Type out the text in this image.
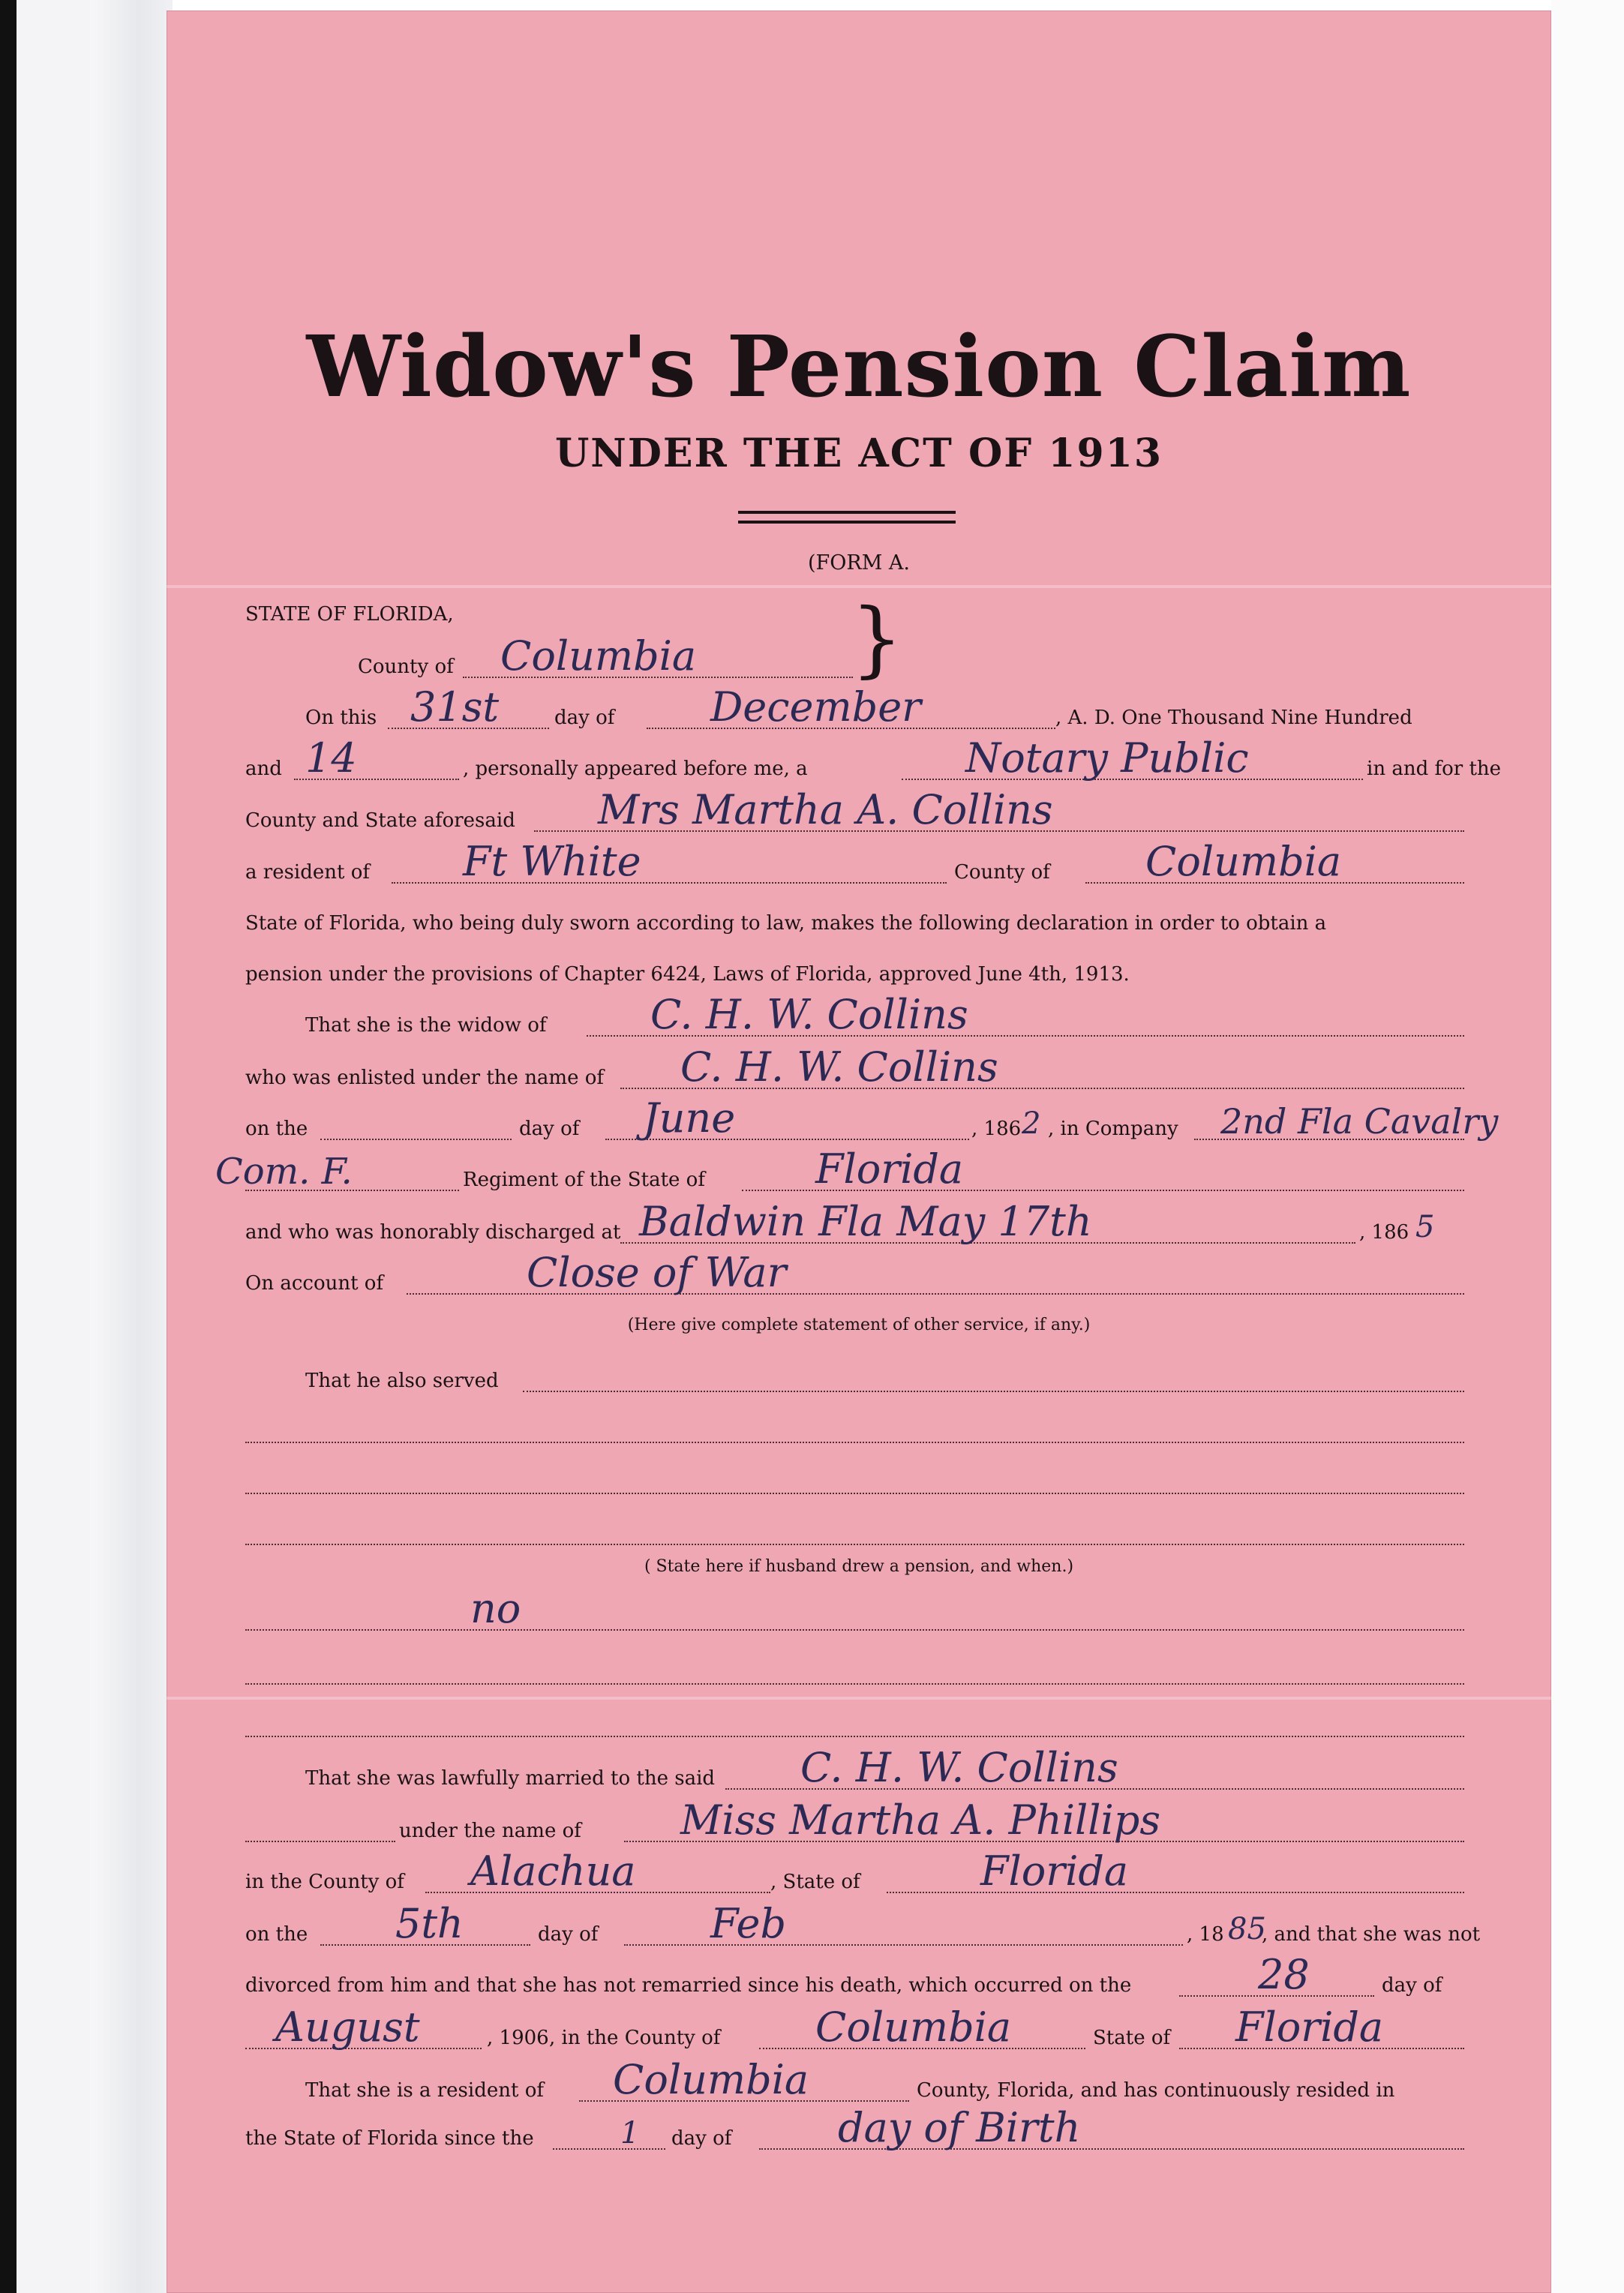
Widow's Pension Claim
UNDER THE ACT OF 1913
(FORM A.
STATE OF FLORIDA,	}
County of Columbia
On this 31st	day of December	, A. D. One Thousand Nine Hundred
and 14	, personally appeared before me, a	Notary Public	in and for the
County and State aforesaid Mrs Martha A. Collins
a resident of Ft White	County of Columbia
State of Florida, who being duly sworn according to law, makes the following declaration in order to obtain a
pension under the provisions of Chapter 6424, Laws of Florida, approved June 4th, 1913.
That she is the widow of	C. H. W. Collins
who was enlisted under the name of C. H. W. Collins
on the	day of June	, 186 2 , in Company 2nd Fla Cavalry
Com. F.	Regiment of the State of	Florida
and who was honorably discharged at Baldwin Fla May 17th	, 186 5
On account of	Close of War
(Here give complete statement of other service, if any.)
That he also served
( State here if husband drew a pension, and when.)
no
That she was lawfully married to the said C. H. W. Collins
under the name of Miss Martha A. Phillips
in the County of Alachua	, State of	Florida
on the 5th	day of	Feb	, 18 85
, and that she was not
divorced from him and that she has not remarried since his death, which occurred on the	28	day of
August	, 1906 , in the County of Columbia	State of Florida
That she is a resident of Columbia	County, Florida, and has continuously resided in
the State of Florida since the	1 day of	day of Birth
